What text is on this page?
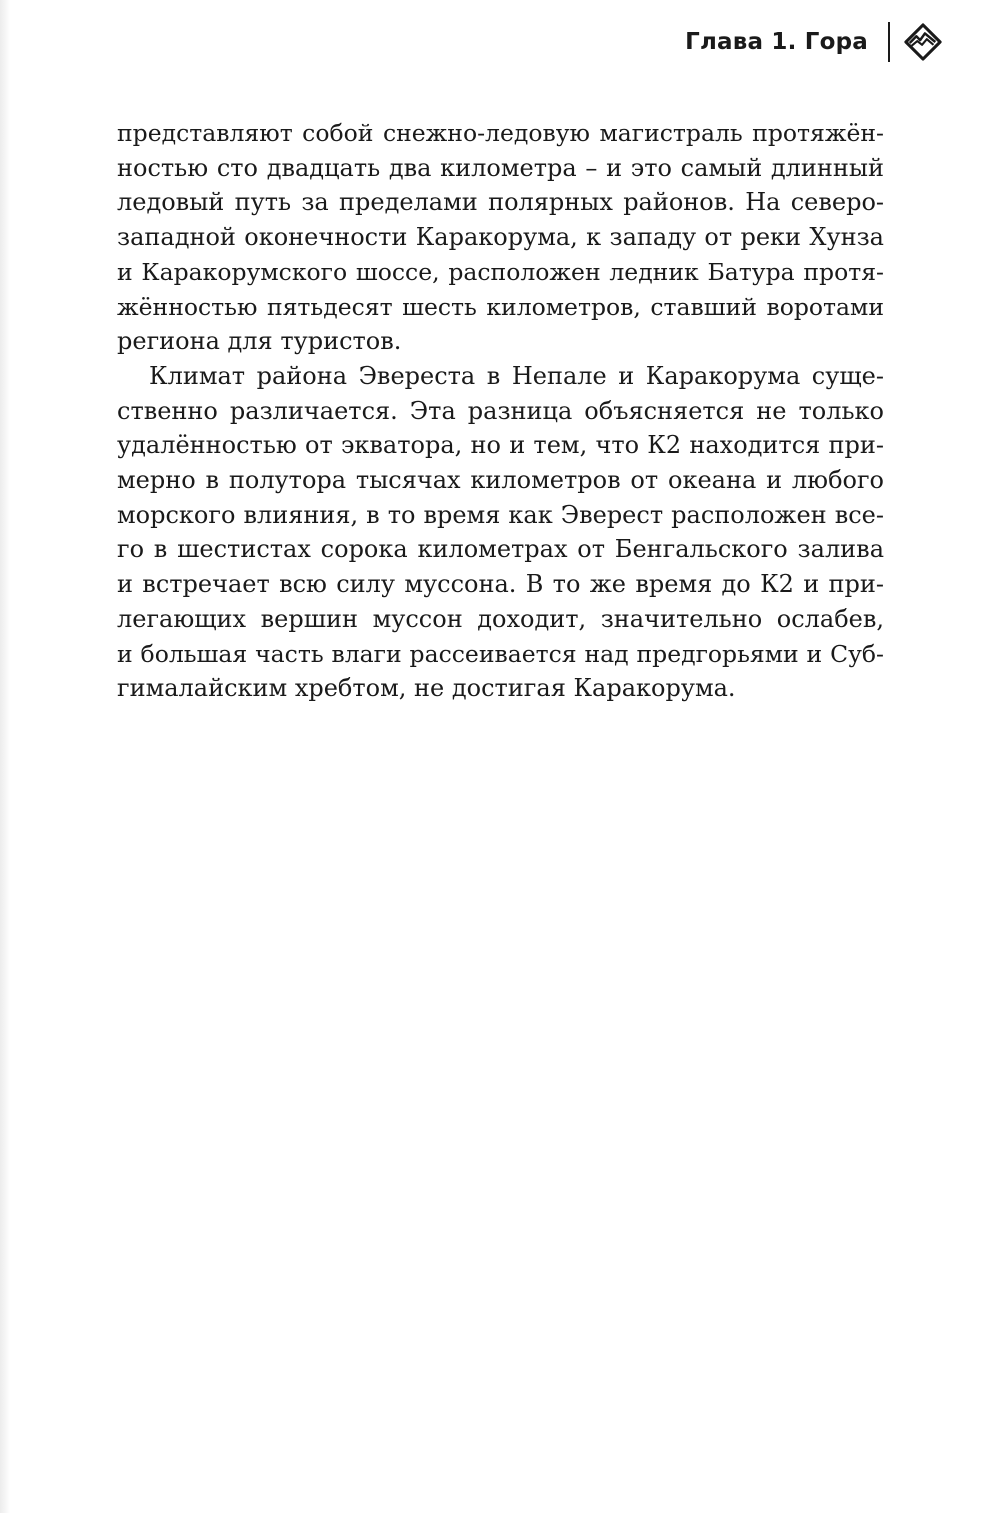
Глава 1. Гора
представляют собой снежно-ледовую магистраль протяжён-
ностью сто двадцать два километра – и это самый длинный
ледовый путь за пределами полярных районов. На северо-
западной оконечности Каракорума, к западу от реки Хунза
и Каракорумского шоссе, расположен ледник Батура протя-
жённостью пятьдесят шесть километров, ставший воротами
региона для туристов.
Климат района Эвереста в Непале и Каракорума суще-
ственно различается. Эта разница объясняется не только
удалённостью от экватора, но и тем, что К2 находится при-
мерно в полутора тысячах километров от океана и любого
морского влияния, в то время как Эверест расположен все-
го в шестистах сорока километрах от Бенгальского залива
и встречает всю силу муссона. В то же время до К2 и при-
легающих вершин муссон доходит, значительно ослабев,
и большая часть влаги рассеивается над предгорьями и Суб-
гималайским хребтом, не достигая Каракорума.
